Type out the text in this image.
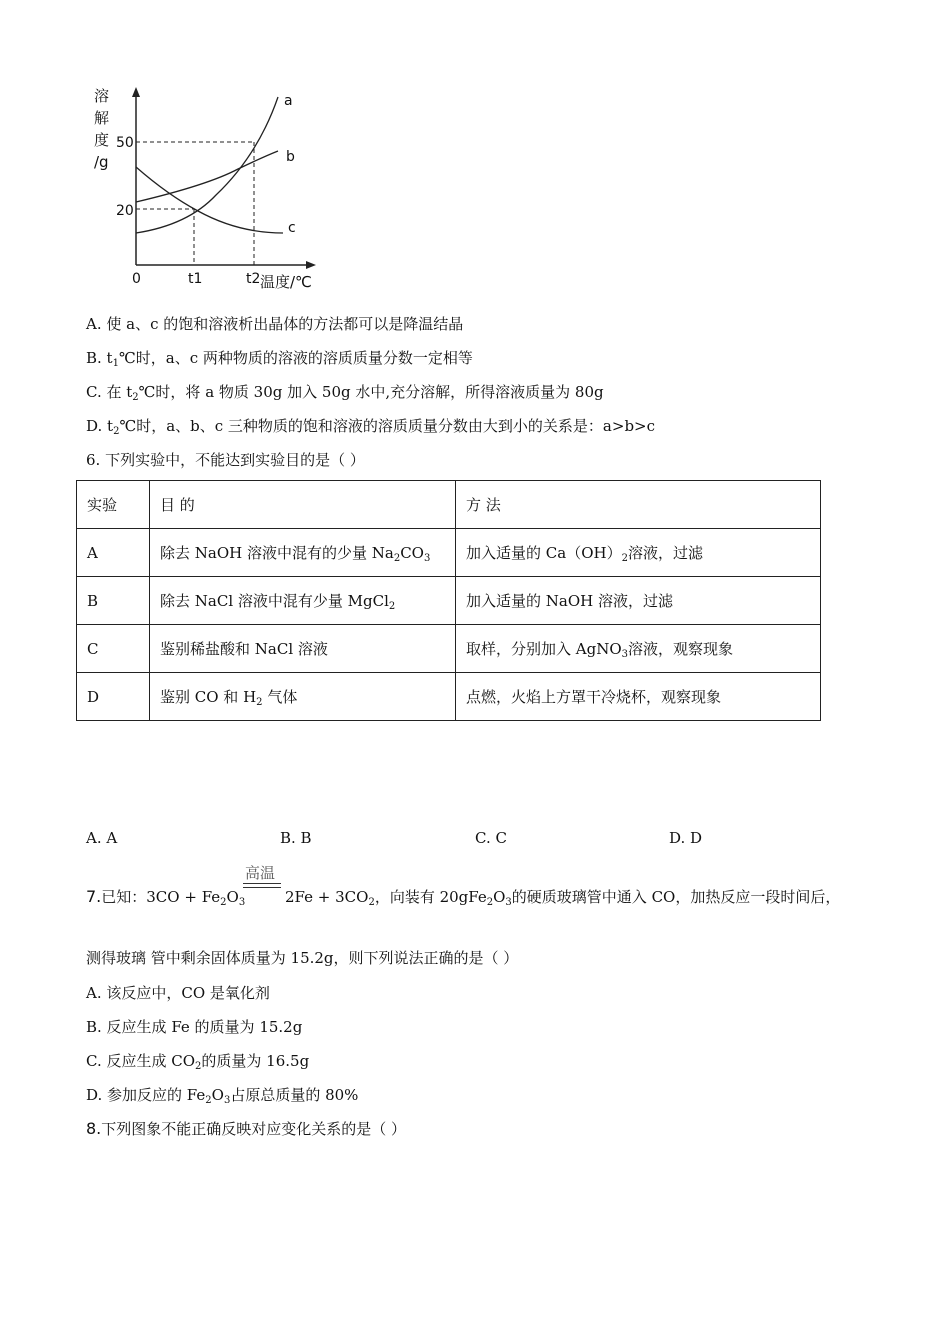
溶
解
度
/g
50
20
0	t1	t2 温度/℃
a
b
c
A. 使 a、c 的饱和溶液析出晶体的方法都可以是降温结晶
B. $t_1℃$时，a、c 两种物质的溶液的溶质质量分数一定相等
C. 在 $t_2℃$时，将 a 物质 30g 加入 50g 水中,充分溶解，所得溶液质量为 80g
D. $t_2℃$时，a、b、c 三种物质的饱和溶液的溶质质量分数由大到小的关系是：a>b>c
6. 下列实验中，不能达到实验目的是（ ）
实验	目 的	方 法
A	除去 NaOH 溶液中混有的少量 $Na_2CO_3$	加入适量的 $Ca(OH)_2$溶液，过滤
B	除去 NaCl 溶液中混有少量 MgCl$_2$	加入适量的 NaOH 溶液，过滤
C	鉴别稀盐酸和 NaCl 溶液	取样，分别加入 AgNO$_3$溶液，观察现象
D	鉴别 CO 和 $H_2$ 气体	点燃，火焰上方罩干冷烧杯，观察现象
A. A	B. B	C. C	D. D
高温
7.已知：$3CO + Fe_2O_3$	$2Fe + 3CO_2$，向装有 $20gFe_2O_3$的硬质玻璃管中通入 CO，加热反应一段时间后，
测得玻璃 管中剩余固体质量为 15.2g，则下列说法正确的是（ ）
A. 该反应中，CO 是氧化剂
B. 反应生成 Fe 的质量为 15.2g
C. 反应生成 $CO_2$的质量为 16.5g
D. 参加反应的 $Fe_2O_3$占原总质量的 80%
8.下列图象不能正确反映对应变化关系的是（ ）
